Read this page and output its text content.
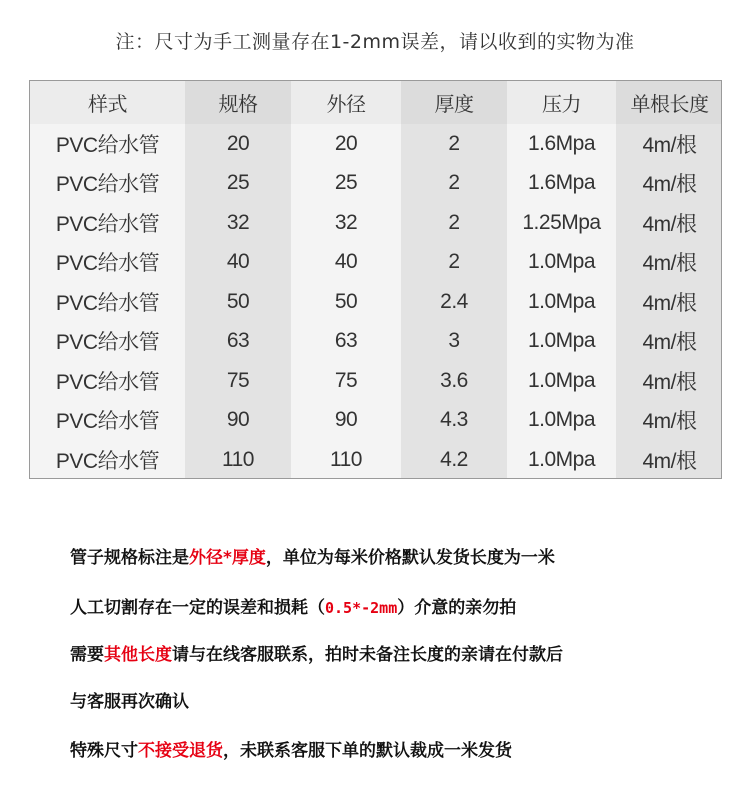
注：尺寸为手工测量存在1-2mm误差，请以收到的实物为准
样式	规格	外径	厚度	压力	单根长度
PVC给水管	20	20	2	1.6Mpa	4m/根
PVC给水管	25	25	2	1.6Mpa	4m/根
PVC给水管	32	32	2	1.25Mpa	4m/根
PVC给水管	40	40	2	1.0Mpa	4m/根
PVC给水管	50	50	2.4	1.0Mpa	4m/根
PVC给水管	63	63	3	1.0Mpa	4m/根
PVC给水管	75	75	3.6	1.0Mpa	4m/根
PVC给水管	90	90	4.3	1.0Mpa	4m/根
PVC给水管	110	110	4.2	1.0Mpa	4m/根
管子规格标注是外径*厚度，单位为每米价格默认发货长度为一米
人工切割存在一定的误差和损耗（0.5*-2mm）介意的亲勿拍
需要其他长度请与在线客服联系，拍时未备注长度的亲请在付款后
与客服再次确认
特殊尺寸不接受退货，未联系客服下单的默认裁成一米发货
